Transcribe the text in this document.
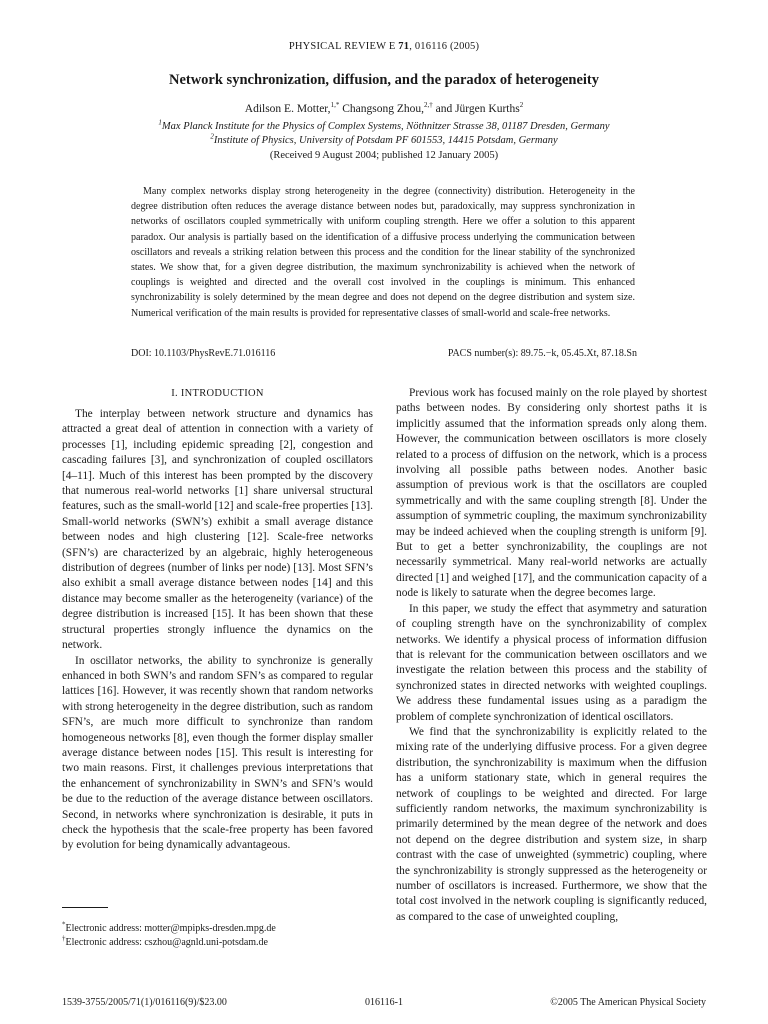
PHYSICAL REVIEW E 71, 016116 (2005)
Network synchronization, diffusion, and the paradox of heterogeneity
Adilson E. Motter,$^{1,*}$ Changsong Zhou,$^{2,\dagger}$ and Jürgen Kurths$^2$
$^1$Max Planck Institute for the Physics of Complex Systems, Nöthnitzer Strasse 38, 01187 Dresden, Germany
$^2$Institute of Physics, University of Potsdam PF 601553, 14415 Potsdam, Germany
(Received 9 August 2004; published 12 January 2005)

Many complex networks display strong heterogeneity in the degree (connectivity) distribution. Heterogeneity in the degree distribution often reduces the average distance between nodes but, paradoxically, may suppress synchronization in networks of oscillators coupled symmetrically with uniform coupling strength. Here we offer a solution to this apparent paradox. Our analysis is partially based on the identification of a diffusive process underlying the communication between oscillators and reveals a striking relation between this process and the condition for the linear stability of the synchronized states. We show that, for a given degree distribution, the maximum synchronizability is achieved when the network of couplings is weighted and directed and the overall cost involved in the couplings is minimum. This enhanced synchronizability is solely determined by the mean degree and does not depend on the degree distribution and system size. Numerical verification of the main results is provided for representative classes of small-world and scale-free networks.

DOI: 10.1103/PhysRevE.71.016116	PACS number(s): 89.75.−k, 05.45.Xt, 87.18.Sn
I. INTRODUCTION

The interplay between network structure and dynamics has attracted a great deal of attention in connection with a variety of processes [1], including epidemic spreading [2], congestion and cascading failures [3], and synchronization of coupled oscillators [4–11]. Much of this interest has been prompted by the discovery that numerous real-world networks [1] share universal structural features, such as the small-world [12] and scale-free properties [13]. Small-world networks (SWN’s) exhibit a small average distance between nodes and high clustering [12]. Scale-free networks (SFN’s) are characterized by an algebraic, highly heterogeneous distribution of degrees (number of links per node) [13]. Most SFN’s also exhibit a small average distance between nodes [14] and this distance may become smaller as the heterogeneity (variance) of the degree distribution is increased [15]. It has been shown that these structural properties strongly influence the dynamics on the network.

In oscillator networks, the ability to synchronize is generally enhanced in both SWN’s and random SFN’s as compared to regular lattices [16]. However, it was recently shown that random networks with strong heterogeneity in the degree distribution, such as random SFN’s, are much more difficult to synchronize than random homogeneous networks [8], even though the former display smaller average distance between nodes [15]. This result is interesting for two main reasons. First, it challenges previous interpretations that the enhancement of synchronizability in SWN’s and SFN’s would be due to the reduction of the average distance between oscillators. Second, in networks where synchronization is desirable, it puts in check the hypothesis that the scale-free property has been favored by evolution for being dynamically advantageous.

Previous work has focused mainly on the role played by shortest paths between nodes. By considering only shortest paths it is implicitly assumed that the information spreads only along them. However, the communication between oscillators is more closely related to a process of diffusion on the network, which is a process involving all possible paths between nodes. Another basic assumption of previous work is that the oscillators are coupled symmetrically and with the same coupling strength [8]. Under the assumption of symmetric coupling, the maximum synchronizability may be indeed achieved when the coupling strength is uniform [9]. But to get a better synchronizability, the couplings are not necessarily symmetrical. Many real-world networks are actually directed [1] and weighed [17], and the communication capacity of a node is likely to saturate when the degree becomes large.

In this paper, we study the effect that asymmetry and saturation of coupling strength have on the synchronizability of complex networks. We identify a physical process of information diffusion that is relevant for the communication between oscillators and we investigate the relation between this process and the stability of synchronized states in directed networks with weighted couplings. We address these fundamental issues using as a paradigm the problem of complete synchronization of identical oscillators.

We find that the synchronizability is explicitly related to the mixing rate of the underlying diffusive process. For a given degree distribution, the synchronizability is maximum when the diffusion has a uniform stationary state, which in general requires the network of couplings to be weighted and directed. For large sufficiently random networks, the maximum synchronizability is primarily determined by the mean degree of the network and does not depend on the degree distribution and system size, in sharp contrast with the case of unweighted (symmetric) coupling, where the synchronizability is strongly suppressed as the heterogeneity or number of oscillators is increased. Furthermore, we show that the total cost involved in the network coupling is significantly reduced, as compared to the case of unweighted coupling,

*Electronic address: motter@mpipks-dresden.mpg.de

†Electronic address: cszhou@agnld.uni-potsdam.de

1539-3755/2005/71(1)/016116(9)/$23.00	016116-1	©2005 The American Physical Society
